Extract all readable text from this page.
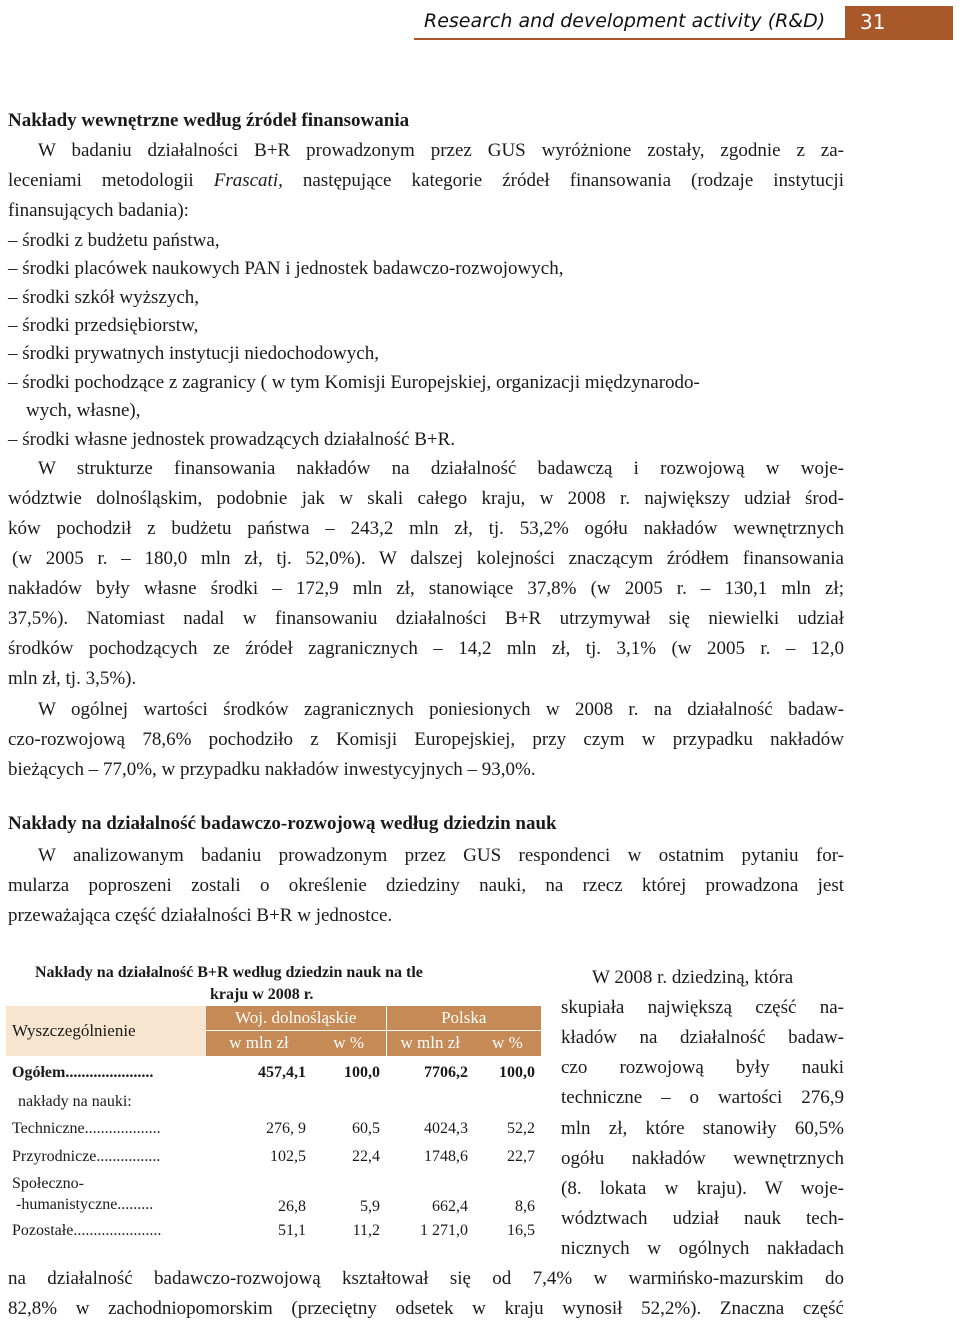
Research and development activity (R&D)	31
Nakłady wewnętrzne według źródeł finansowania
W badaniu działalności B+R prowadzonym przez GUS wyróżnione zostały, zgodnie z za-
leceniami metodologii Frascati, następujące kategorie źródeł finansowania (rodzaje instytucji
finansujących badania):
– środki z budżetu państwa,
– środki placówek naukowych PAN i jednostek badawczo-rozwojowych,
– środki szkół wyższych,
– środki przedsiębiorstw,
– środki prywatnych instytucji niedochodowych,
– środki pochodzące z zagranicy ( w tym Komisji Europejskiej, organizacji międzynarodo-
wych, własne),
– środki własne jednostek prowadzących działalność B+R.
W strukturze finansowania nakładów na działalność badawczą i rozwojową w woje-
wództwie dolnośląskim, podobnie jak w skali całego kraju, w 2008 r. największy udział środ-
ków pochodził z budżetu państwa – 243,2 mln zł, tj. 53,2% ogółu nakładów wewnętrznych
(w 2005 r. – 180,0 mln zł, tj. 52,0%). W dalszej kolejności znaczącym źródłem finansowania
nakładów były własne środki – 172,9 mln zł, stanowiące 37,8% (w 2005 r. – 130,1 mln zł;
37,5%). Natomiast nadal w finansowaniu działalności B+R utrzymywał się niewielki udział
środków pochodzących ze źródeł zagranicznych – 14,2 mln zł, tj. 3,1% (w 2005 r. – 12,0
mln zł, tj. 3,5%).
W ogólnej wartości środków zagranicznych poniesionych w 2008 r. na działalność badaw-
czo-rozwojową 78,6% pochodziło z Komisji Europejskiej, przy czym w przypadku nakładów
bieżących – 77,0%, w przypadku nakładów inwestycyjnych – 93,0%.
Nakłady na działalność badawczo-rozwojową według dziedzin nauk
W analizowanym badaniu prowadzonym przez GUS respondenci w ostatnim pytaniu for-
mularza poproszeni zostali o określenie dziedziny nauki, na rzecz której prowadzona jest
przeważająca część działalności B+R w jednostce.
Nakłady na działalność B+R według dziedzin nauk na tle
kraju w 2008 r.
Wyszczególnienie	Woj. dolnośląskie		Polska	
	w mln zł	w %	w mln zł	w %
Ogółem......................	457,4,1	100,0	7706,2	100,0
nakłady na nauki:				
Techniczne...................	276, 9	60,5	4024,3	52,2
Przyrodnicze................	102,5	22,4	1748,6	22,7
Społeczno-
-humanistyczne.........	26,8	5,9	662,4	8,6
Pozostałe......................	51,1	11,2	1 271,0	16,5
W 2008 r. dziedziną, która
skupiała największą część na-
kładów na działalność badaw-
czo rozwojową były nauki
techniczne – o wartości 276,9
mln zł, które stanowiły 60,5%
ogółu nakładów wewnętrznych
(8. lokata w kraju). W woje-
wództwach udział nauk tech-
nicznych w ogólnych nakładach
na działalność badawczo-rozwojową kształtował się od 7,4% w warmińsko-mazurskim do
82,8% w zachodniopomorskim (przeciętny odsetek w kraju wynosił 52,2%). Znaczna część
